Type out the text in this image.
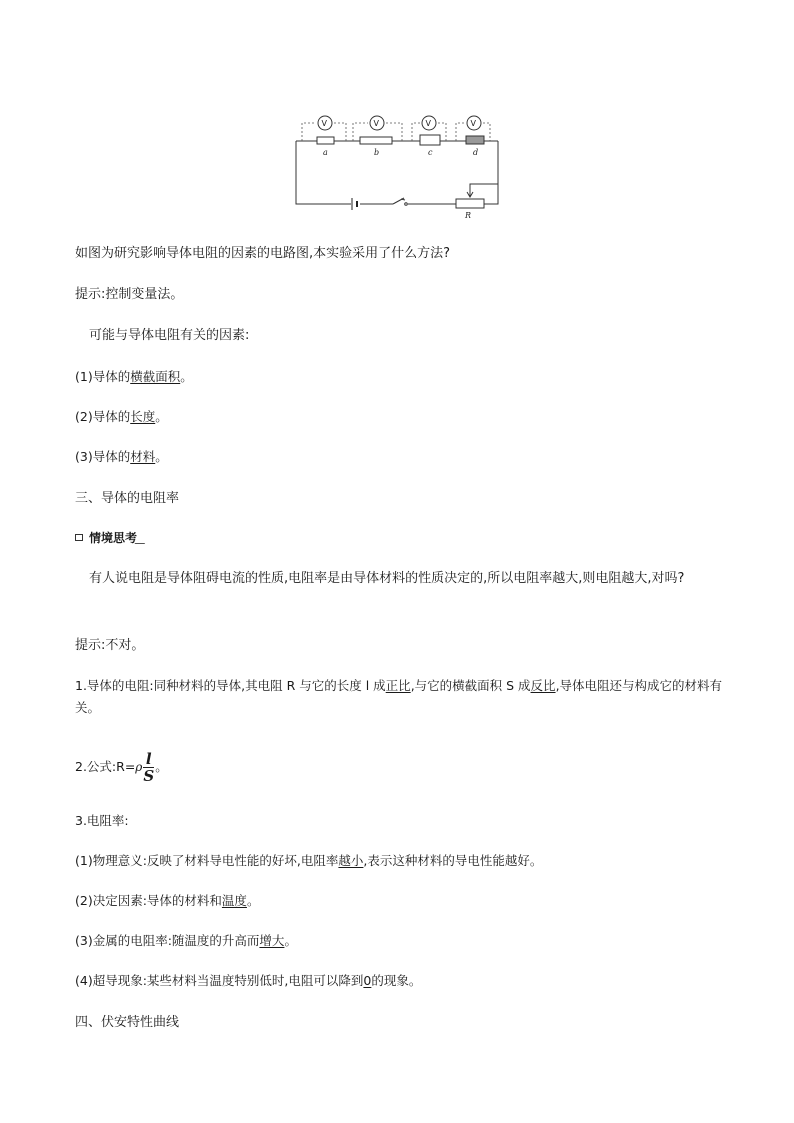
R
a	b	c	d
V	V	V	V
如图为研究影响导体电阻的因素的电路图,本实验采用了什么方法?
提示:控制变量法。
可能与导体电阻有关的因素:
(1)导体的横截面积。
(2)导体的长度。
(3)导体的材料。
三、导体的电阻率
情境思考
有人说电阻是导体阻碍电流的性质,电阻率是由导体材料的性质决定的,所以电阻率越大,则电阻越大,对吗?
提示:不对。
1.导体的电阻:同种材料的导体,其电阻 R 与它的长度 l 成正比,与它的横截面积 S 成反比,导体电阻还与构成它的材料有关。
2.公式:R=ρ $\frac{l}{S}$ 。
3.电阻率:
(1)物理意义:反映了材料导电性能的好坏,电阻率越小,表示这种材料的导电性能越好。
(2)决定因素:导体的材料和温度。
(3)金属的电阻率:随温度的升高而增大。
(4)超导现象:某些材料当温度特别低时,电阻可以降到0的现象。
四、伏安特性曲线
